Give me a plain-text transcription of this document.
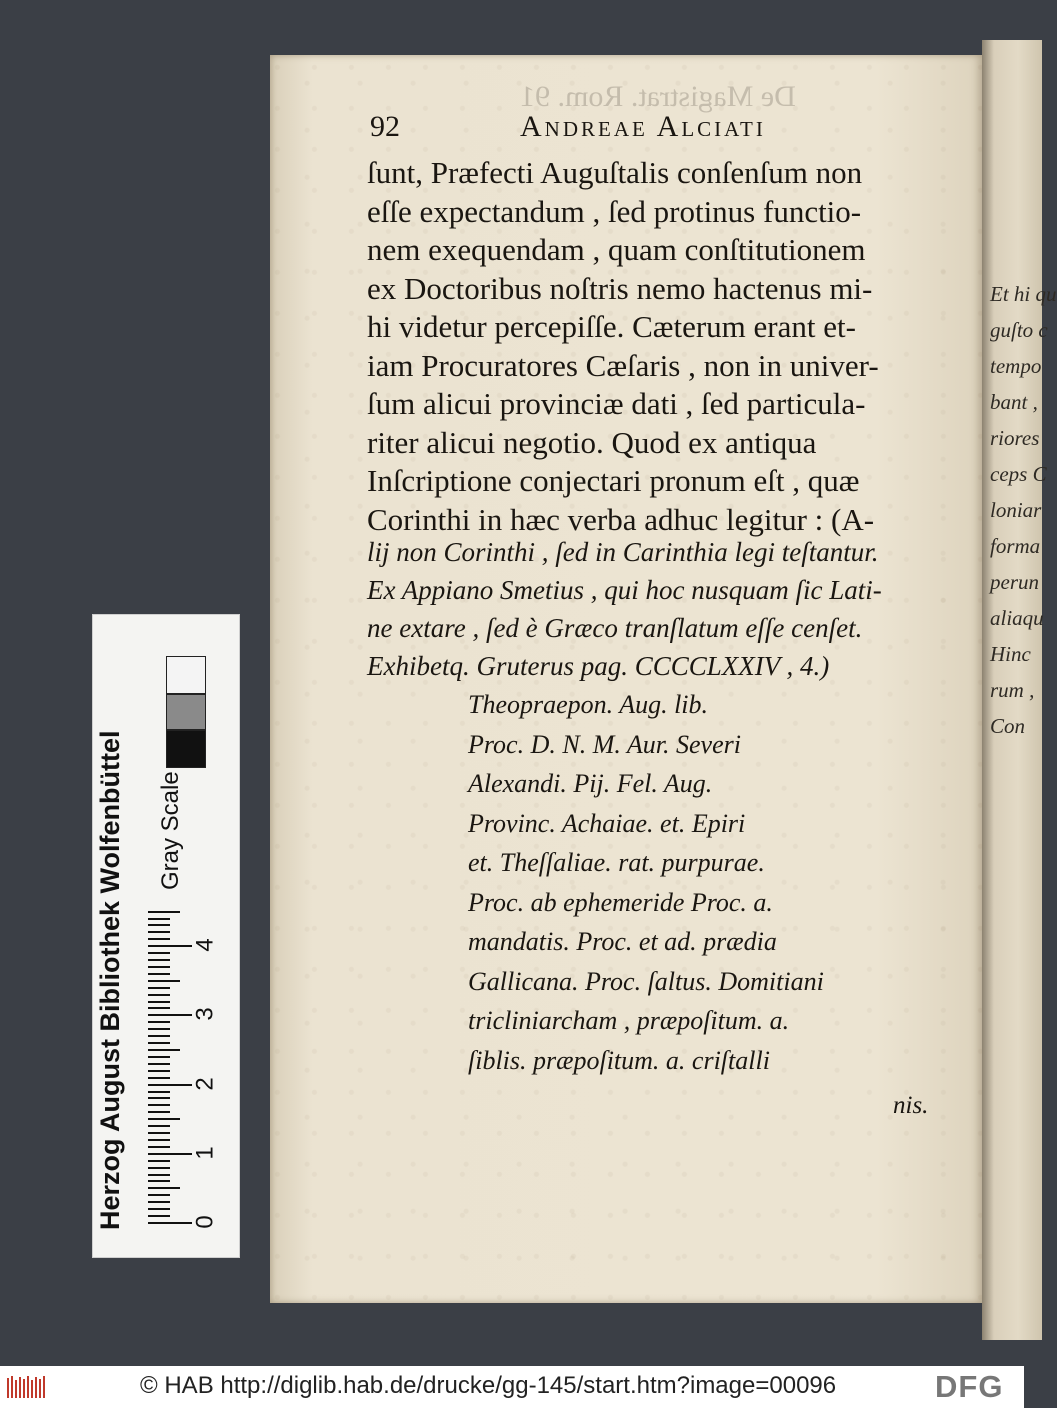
Et hi qu
guſto c
tempo
bant ,
riores
ceps C
loniar
forma
perun
aliaqu
Hinc
rum ,
Con
De Magistrat. Rom. 91
92	Andreae Alciati
ſunt, Præfecti Auguſtalis conſenſum non
eſſe expectandum , ſed protinus functio-
nem exequendam , quam conſtitutionem
ex Doctoribus noſtris nemo hactenus mi-
hi videtur percepiſſe. Cæterum erant et-
iam Procuratores Cæſaris , non in univer-
ſum alicui provinciæ dati , ſed particula-
riter alicui negotio. Quod ex antiqua
Inſcriptione conjectari pronum eſt , quæ
Corinthi in hæc verba adhuc legitur : (A-
lij non Corinthi , ſed in Carinthia legi teſtantur.
Ex Appiano Smetius , qui hoc nusquam ſic Lati-
ne extare , ſed è Græco tranſlatum eſſe cenſet.
Exhibetq. Gruterus pag. CCCCLXXIV , 4.)
Theopraepon. Aug. lib.
Proc. D. N. M. Aur. Severi
Alexandi. Pij. Fel. Aug.
Provinc. Achaiae. et. Epiri
et. Theſſaliae. rat. purpurae.
Proc. ab ephemeride Proc. a.
mandatis. Proc. et ad. prædia
Gallicana. Proc. ſaltus. Domitiani
tricliniarcham , præpoſitum. a.
ſiblis. præpoſitum. a. criſtalli
nis.
Herzog August Bibliothek Wolfenbüttel	Gray Scale
0
1
2
3
4
© HAB http://diglib.hab.de/drucke/gg-145/start.htm?image=00096	DFG
